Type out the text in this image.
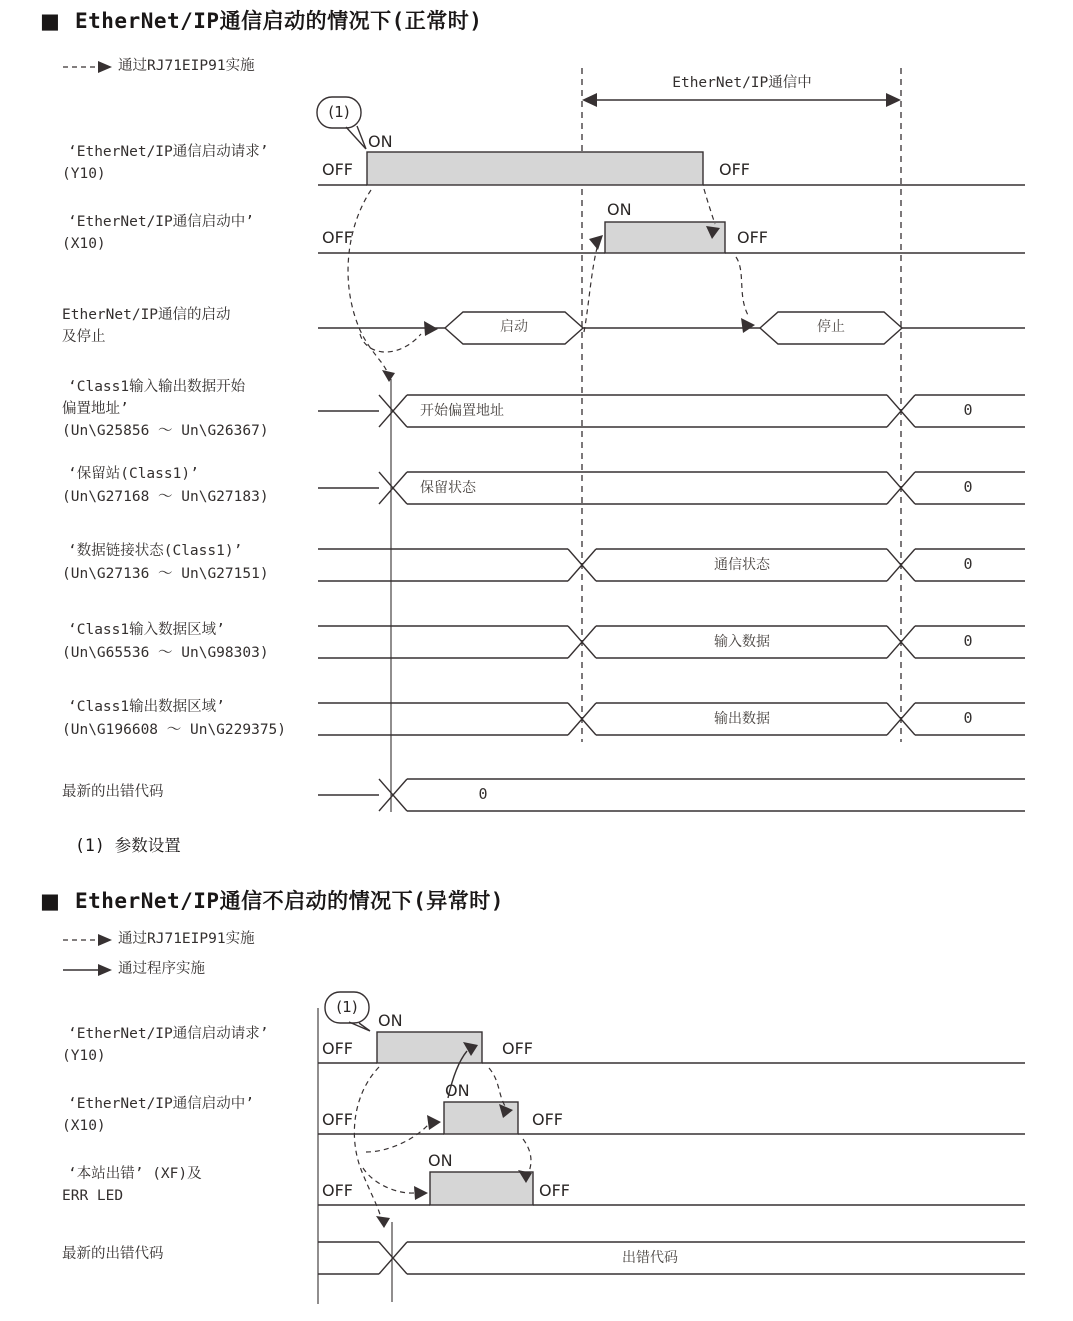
■ EtherNet/IP通信启动的情况下(正常时)
通过RJ71EIP91实施
EtherNet/IP通信中
(1)
ON
OFF	OFF
ON
OFF	OFF
启动	停止
开始偏置地址
保留状态
通信状态
输入数据
输出数据
0
0
0
0
0
0
‘EtherNet/IP通信启动请求’
(Y10)
‘EtherNet/IP通信启动中’
(X10)
EtherNet/IP通信的启动
及停止
‘Class1输入输出数据开始
偏置地址’
(Un\G25856 ～ Un\G26367)
‘保留站(Class1)’
(Un\G27168 ～ Un\G27183)
‘数据链接状态(Class1)’
(Un\G27136 ～ Un\G27151)
‘Class1输入数据区域’
(Un\G65536 ～ Un\G98303)
‘Class1输出数据区域’
(Un\G196608 ～ Un\G229375)
最新的出错代码
(1) 参数设置
■ EtherNet/IP通信不启动的情况下(异常时)
通过RJ71EIP91实施
通过程序实施
(1)
ON
OFF	OFF
ON
OFF	OFF
ON
OFF	OFF
出错代码
‘EtherNet/IP通信启动请求’
(Y10)
‘EtherNet/IP通信启动中’
(X10)
‘本站出错’ (XF)及
ERR LED
最新的出错代码
